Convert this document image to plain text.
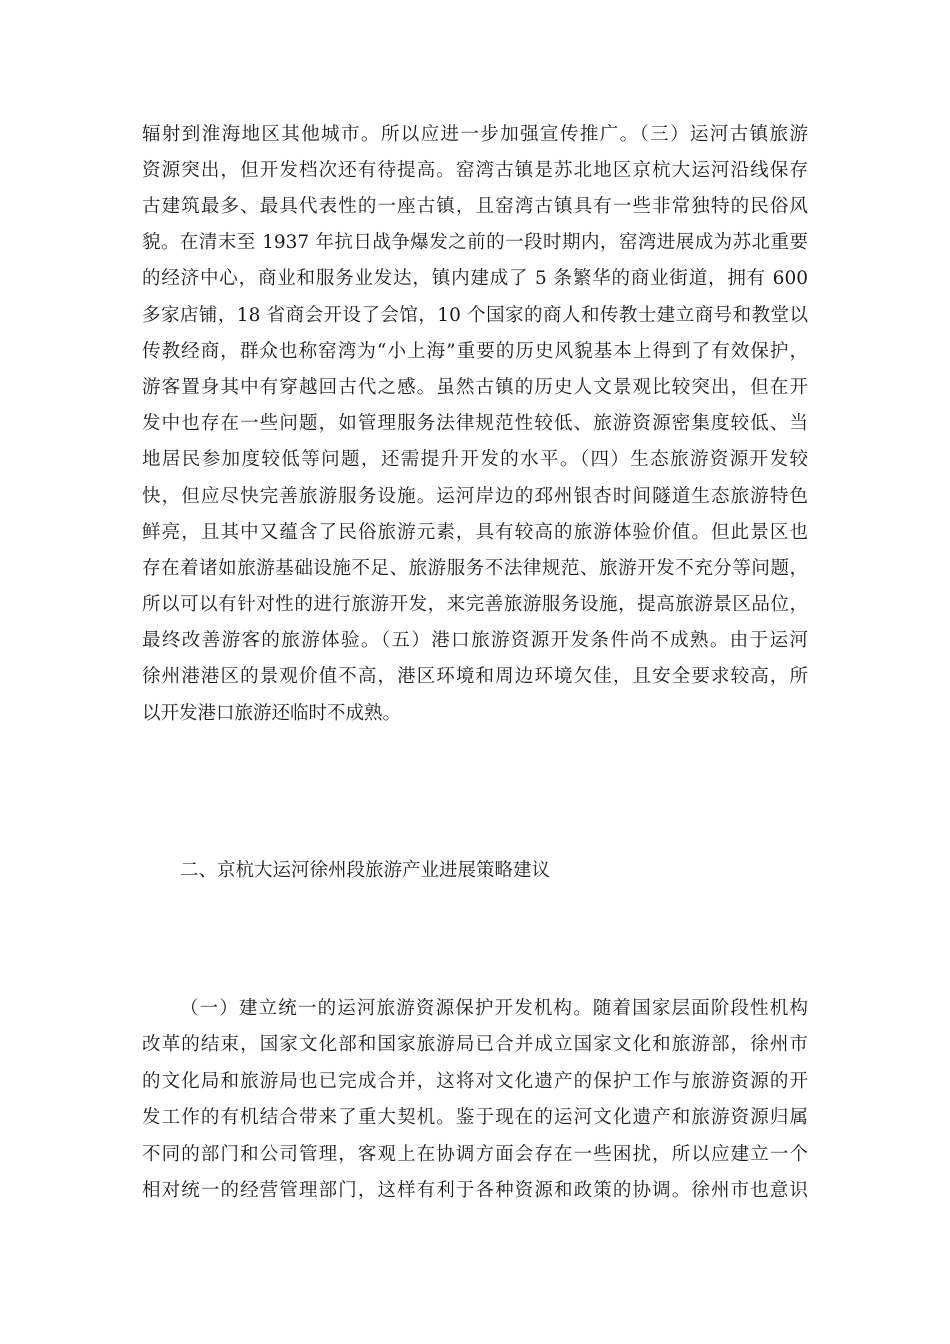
辐射到淮海地区其他城市。所以应进一步加强宣传推广。（三）运河古镇旅游
资源突出，但开发档次还有待提高。窑湾古镇是苏北地区京杭大运河沿线保存
古建筑最多、最具代表性的一座古镇，且窑湾古镇具有一些非常独特的民俗风
貌。在清末至 1937 年抗日战争爆发之前的一段时期内，窑湾进展成为苏北重要
的经济中心，商业和服务业发达，镇内建成了 5 条繁华的商业街道，拥有 600
多家店铺，18 省商会开设了会馆，10 个国家的商人和传教士建立商号和教堂以
传教经商，群众也称窑湾为“小上海”重要的历史风貌基本上得到了有效保护，
游客置身其中有穿越回古代之感。虽然古镇的历史人文景观比较突出，但在开
发中也存在一些问题，如管理服务法律规范性较低、旅游资源密集度较低、当
地居民参加度较低等问题，还需提升开发的水平。（四）生态旅游资源开发较
快，但应尽快完善旅游服务设施。运河岸边的邳州银杏时间隧道生态旅游特色
鲜亮，且其中又蕴含了民俗旅游元素，具有较高的旅游体验价值。但此景区也
存在着诸如旅游基础设施不足、旅游服务不法律规范、旅游开发不充分等问题，
所以可以有针对性的进行旅游开发，来完善旅游服务设施，提高旅游景区品位，
最终改善游客的旅游体验。（五）港口旅游资源开发条件尚不成熟。由于运河
徐州港港区的景观价值不高，港区环境和周边环境欠佳，且安全要求较高，所
以开发港口旅游还临时不成熟。
二、京杭大运河徐州段旅游产业进展策略建议
（一）建立统一的运河旅游资源保护开发机构。随着国家层面阶段性机构
改革的结束，国家文化部和国家旅游局已合并成立国家文化和旅游部，徐州市
的文化局和旅游局也已完成合并，这将对文化遗产的保护工作与旅游资源的开
发工作的有机结合带来了重大契机。鉴于现在的运河文化遗产和旅游资源归属
不同的部门和公司管理，客观上在协调方面会存在一些困扰，所以应建立一个
相对统一的经营管理部门，这样有利于各种资源和政策的协调。徐州市也意识
